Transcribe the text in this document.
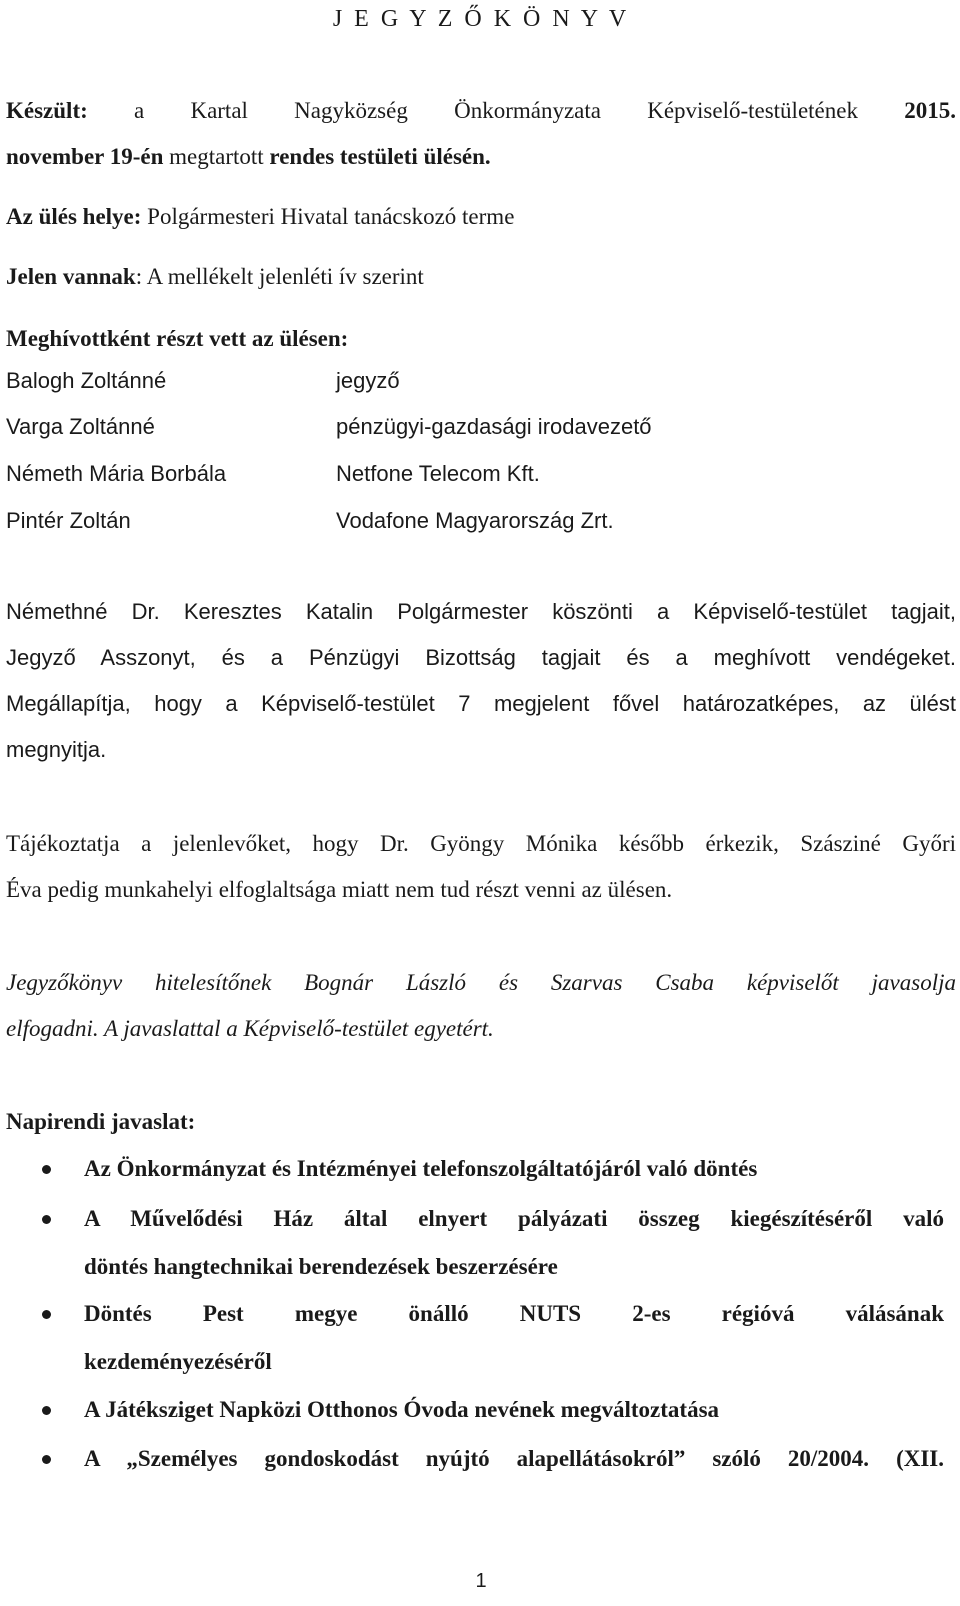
J E G Y Z Ő K Ö N Y V
Készült: a Kartal Nagyközség Önkormányzata Képviselő-testületének 2015.
november 19-én megtartott rendes testületi ülésén.
Az ülés helye: Polgármesteri Hivatal tanácskozó terme
Jelen vannak: A mellékelt jelenléti ív szerint
Meghívottként részt vett az ülésen:
Balogh Zoltánné	jegyző
Varga Zoltánné	pénzügyi-gazdasági irodavezető
Németh Mária Borbála	Netfone Telecom Kft.
Pintér Zoltán	Vodafone Magyarország Zrt.
Némethné Dr. Keresztes Katalin Polgármester köszönti a Képviselő-testület tagjait,
Jegyző Asszonyt, és a Pénzügyi Bizottság tagjait és a meghívott vendégeket.
Megállapítja, hogy a Képviselő-testület 7 megjelent fővel határozatképes, az ülést
megnyitja.
Tájékoztatja a jelenlevőket, hogy Dr. Gyöngy Mónika később érkezik, Szásziné Győri
Éva pedig munkahelyi elfoglaltsága miatt nem tud részt venni az ülésen.
Jegyzőkönyv hitelesítőnek Bognár László és Szarvas Csaba képviselőt javasolja
elfogadni. A javaslattal a Képviselő-testület egyetért.
Napirendi javaslat:
Az Önkormányzat és Intézményei telefonszolgáltatójáról való döntés
A Művelődési Ház által elnyert pályázati összeg kiegészítéséről való
döntés hangtechnikai berendezések beszerzésére
Döntés Pest megye önálló NUTS 2-es régióvá válásának
kezdeményezéséről
A Játéksziget Napközi Otthonos Óvoda nevének megváltoztatása
A „Személyes gondoskodást nyújtó alapellátásokról” szóló 20/2004. (XII.
1
